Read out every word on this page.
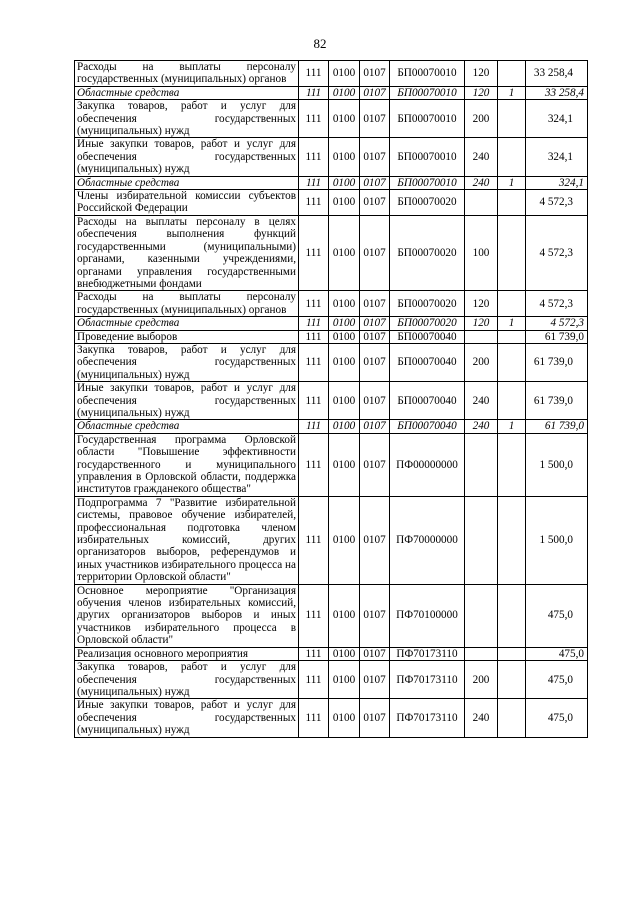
82
Расходы на выплаты персоналу государственных (муниципальных) органов	111	0100	0107	БП00070010	120		33 258,4
Областные средства	111	0100	0107	БП00070010	120	1	33 258,4
Закупка товаров, работ и услуг для обеспечения государственных (муниципальных) нужд	111	0100	0107	БП00070010	200		324,1
Иные закупки товаров, работ и услуг для обеспечения государственных (муниципальных) нужд	111	0100	0107	БП00070010	240		324,1
Областные средства	111	0100	0107	БП00070010	240	1	324,1
Члены избирательной комиссии субъектов Российской Федерации	111	0100	0107	БП00070020			4 572,3
Расходы на выплаты персоналу в целях обеспечения выполнения функций государственными (муниципальными) органами, казенными учреждениями, органами управления государственными внебюджетными фондами	111	0100	0107	БП00070020	100		4 572,3
Расходы на выплаты персоналу государственных (муниципальных) органов	111	0100	0107	БП00070020	120		4 572,3
Областные средства	111	0100	0107	БП00070020	120	1	4 572,3
Проведение выборов	111	0100	0107	БП00070040			61 739,0
Закупка товаров, работ и услуг для обеспечения государственных (муниципальных) нужд	111	0100	0107	БП00070040	200		61 739,0
Иные закупки товаров, работ и услуг для обеспечения государственных (муниципальных) нужд	111	0100	0107	БП00070040	240		61 739,0
Областные средства	111	0100	0107	БП00070040	240	1	61 739,0
Государственная программа Орловской области "Повышение эффективности государственного и муниципального управления в Орловской области, поддержка институтов гражданекого общества"	111	0100	0107	ПФ00000000			1 500,0
Подпрограмма 7 "Развитие избирательной системы, правовое обучение избирателей, профессиональная подготовка членом избирательных комиссий, других организаторов выборов, референдумов и иных участников избирательного процесса на территории Орловской области"	111	0100	0107	ПФ70000000			1 500,0
Основное мероприятие "Организация обучения членов избирательных комиссий, других организаторов выборов и иных участников избирательного процесса в Орловской области"	111	0100	0107	ПФ70100000			475,0
Реализация основного мероприятия	111	0100	0107	ПФ70173110			475,0
Закупка товаров, работ и услуг для обеспечения государственных (муниципальных) нужд	111	0100	0107	ПФ70173110	200		475,0
Иные закупки товаров, работ и услуг для обеспечения государственных (муниципальных) нужд	111	0100	0107	ПФ70173110	240		475,0
